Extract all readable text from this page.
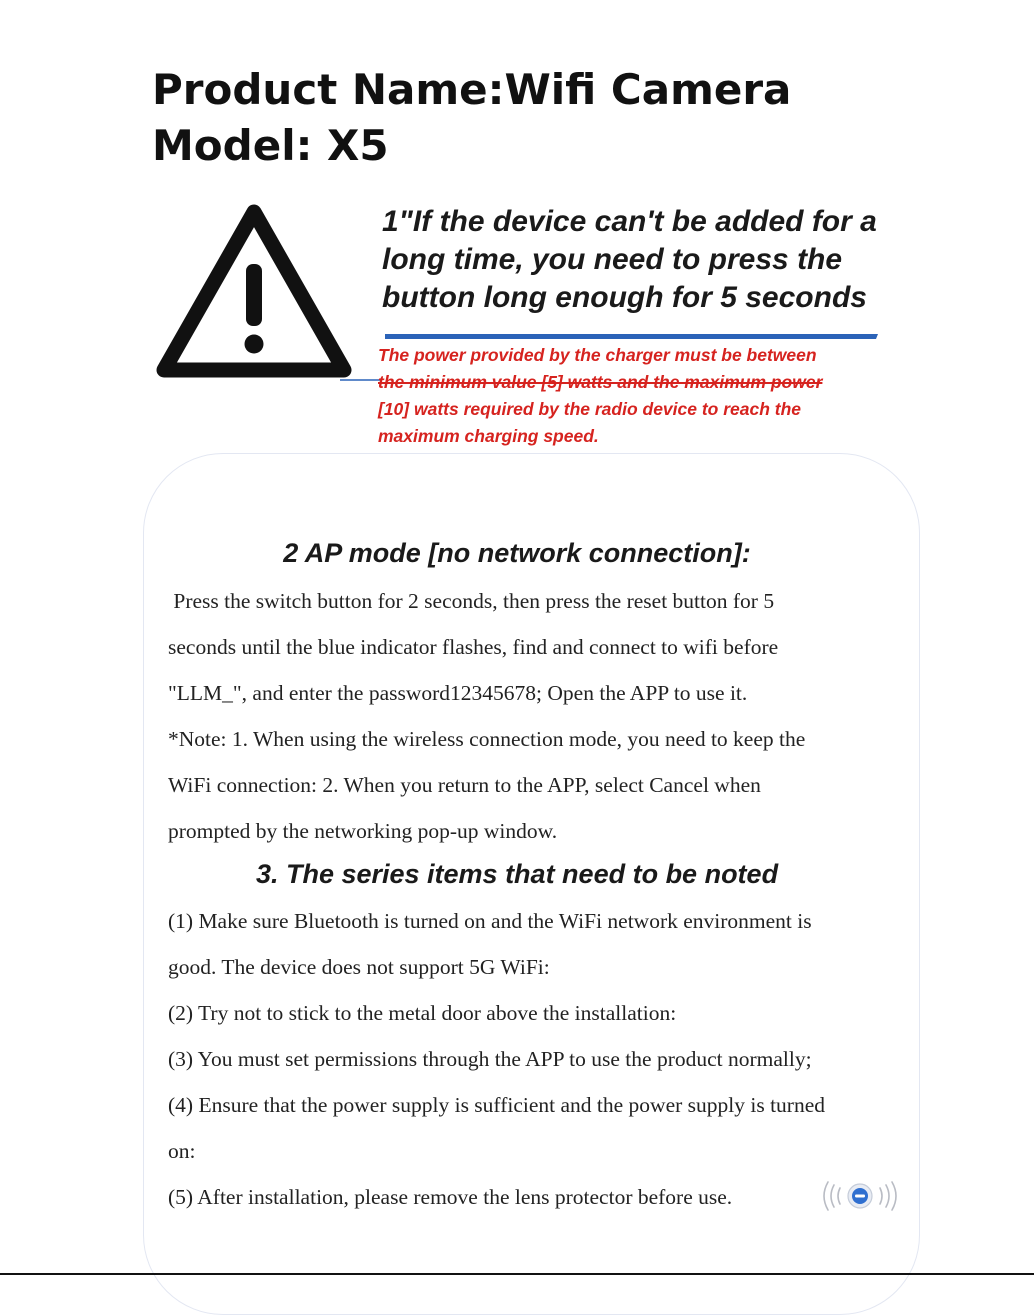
Product Name:Wifi Camera
Model: X5
1"If the device can't be added for a
long time, you need to press the
button long enough for 5 seconds
The power provided by the charger must be between
the minimum value [5] watts and the maximum power
[10] watts required by the radio device to reach the
maximum charging speed.
2 AP mode [no network connection]:

Press the switch button for 2 seconds, then press the reset button for 5

seconds until the blue indicator flashes, find and connect to wifi before

"LLM_", and enter the password12345678; Open the APP to use it.

*Note: 1. When using the wireless connection mode, you need to keep the

WiFi connection: 2. When you return to the APP, select Cancel when

prompted by the networking pop-up window.

3. The series items that need to be noted

(1) Make sure Bluetooth is turned on and the WiFi network environment is

good. The device does not support 5G WiFi:

(2) Try not to stick to the metal door above the installation:

(3) You must set permissions through the APP to use the product normally;

(4) Ensure that the power supply is sufficient and the power supply is turned

on:

(5) After installation, please remove the lens protector before use.
